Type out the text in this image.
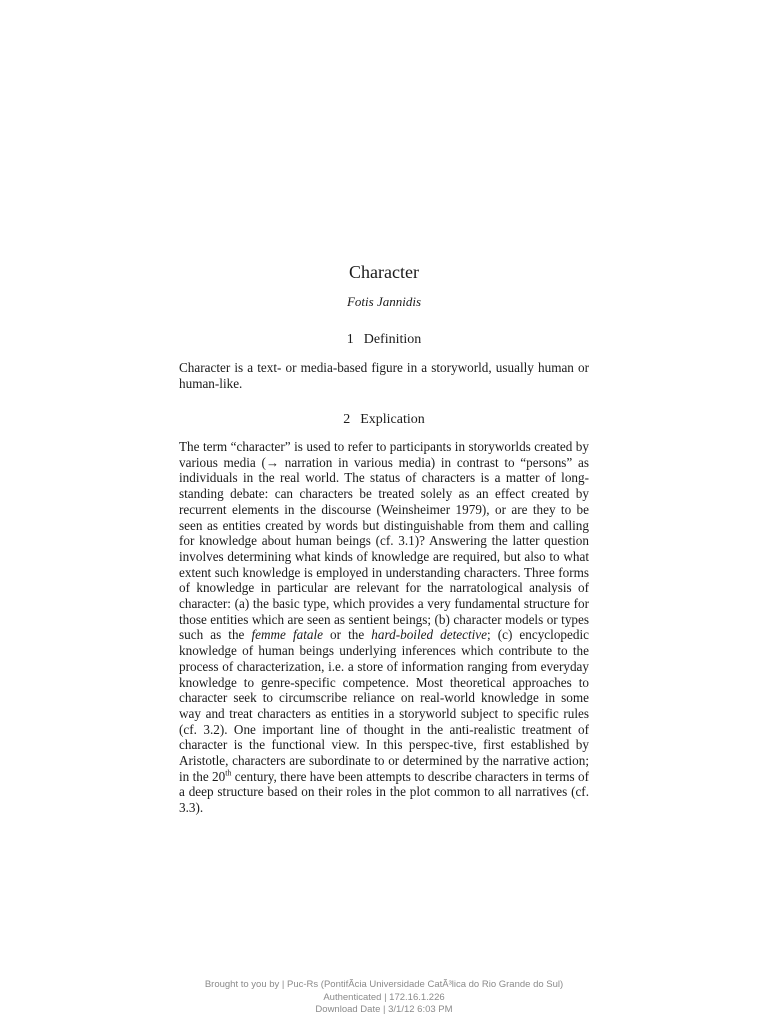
Character
Fotis Jannidis
1 Definition
Character is a text- or media-based figure in a storyworld, usually human or human-like.
2 Explication
The term “character” is used to refer to participants in storyworlds created by various media (→ narration in various media) in contrast to “persons” as individuals in the real world. The status of characters is a matter of long-standing debate: can characters be treated solely as an effect created by recurrent elements in the discourse (Weinsheimer 1979), or are they to be seen as entities created by words but distinguishable from them and calling for knowledge about human beings (cf. 3.1)? Answering the latter question involves determining what kinds of knowledge are required, but also to what extent such knowledge is employed in understanding characters. Three forms of knowledge in particular are relevant for the narratological analysis of character: (a) the basic type, which provides a very fundamental structure for those entities which are seen as sentient beings; (b) character models or types such as the femme fatale or the hard-boiled detective; (c) encyclopedic knowledge of human beings underlying inferences which contribute to the process of characterization, i.e. a store of information ranging from everyday knowledge to genre-specific competence. Most theoretical approaches to character seek to circumscribe reliance on real-world knowledge in some way and treat characters as entities in a storyworld subject to specific rules (cf. 3.2). One important line of thought in the anti-realistic treatment of character is the functional view. In this perspec-tive, first established by Aristotle, characters are subordinate to or determined by the narrative action; in the 20th century, there have been attempts to describe characters in terms of a deep structure based on their roles in the plot common to all narratives (cf. 3.3).
Brought to you by | Puc-Rs (PontifÃcia Universidade CatÃ³lica do Rio Grande do Sul)
Authenticated | 172.16.1.226
Download Date | 3/1/12 6:03 PM
